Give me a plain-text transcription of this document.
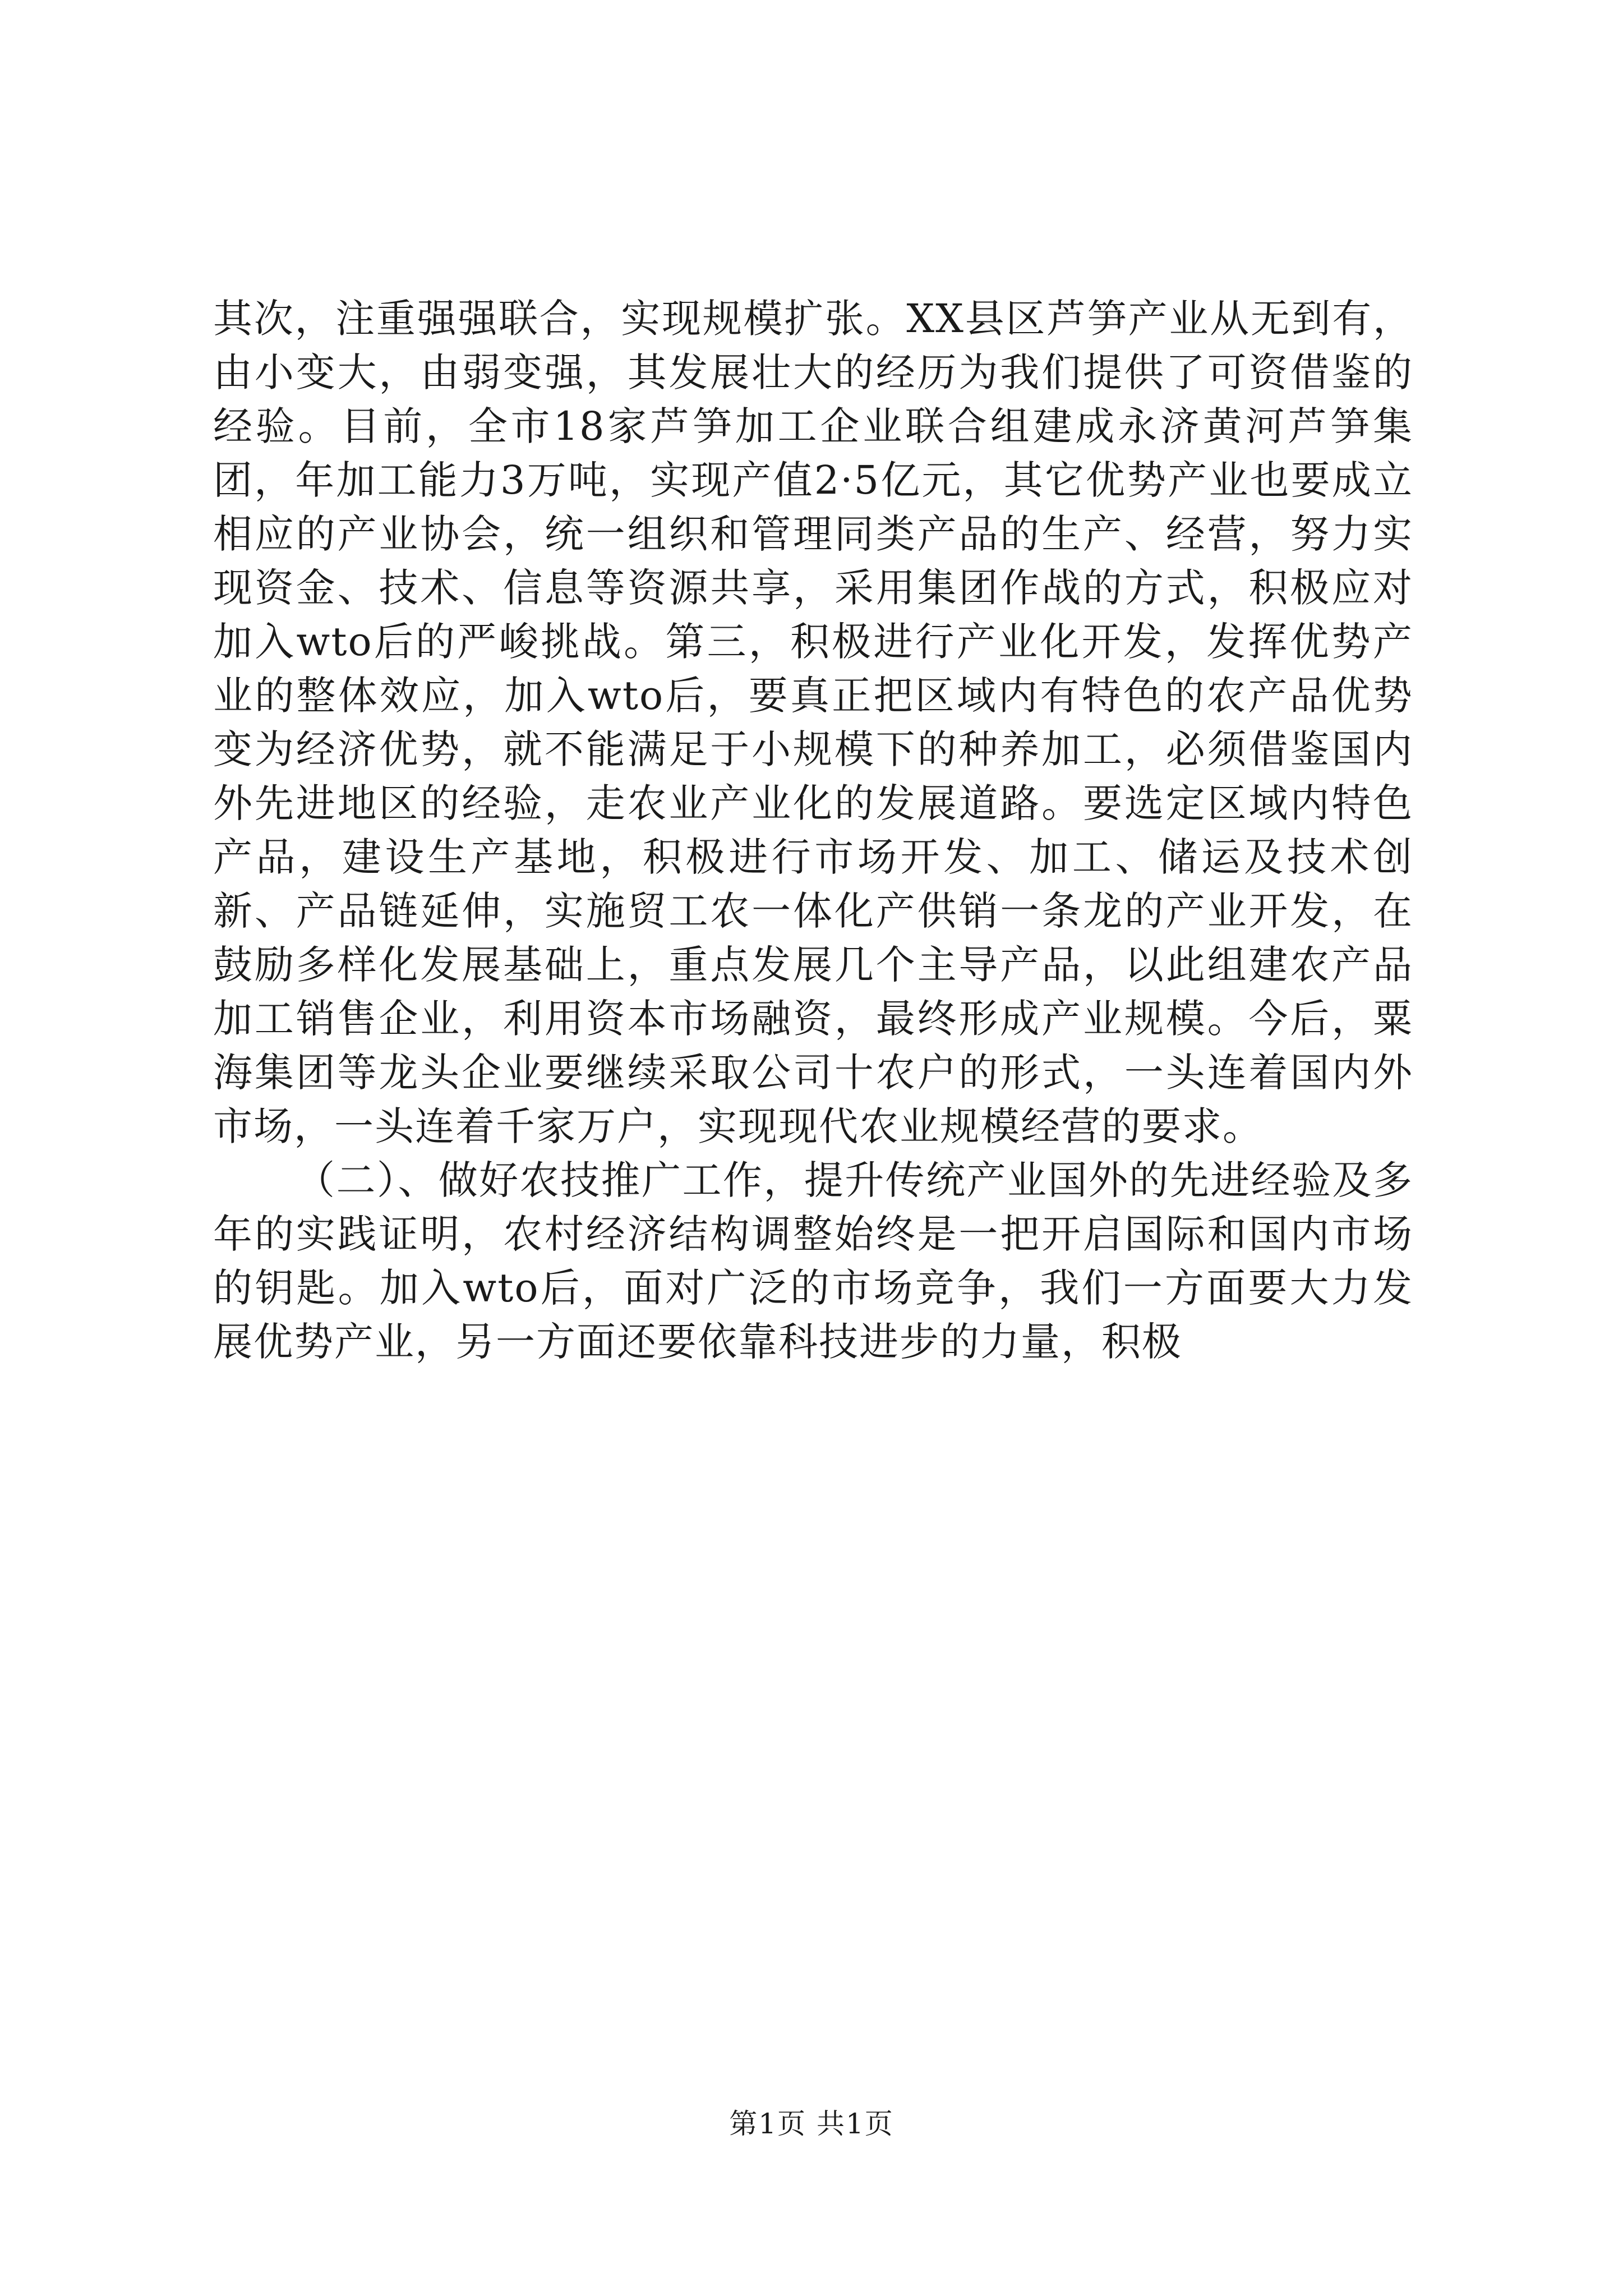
其次，注重强强联合，实现规模扩张。XX县区芦笋产业从无到有，由小变大，由弱变强，其发展壮大的经历为我们提供了可资借鉴的经验。目前，全市18家芦笋加工企业联合组建成永济黄河芦笋集团，年加工能力3万吨，实现产值2·5亿元，其它优势产业也要成立相应的产业协会，统一组织和管理同类产品的生产、经营，努力实现资金、技术、信息等资源共享，采用集团作战的方式，积极应对加入wto后的严峻挑战。第三，积极进行产业化开发，发挥优势产业的整体效应，加入wto后，要真正把区域内有特色的农产品优势变为经济优势，就不能满足于小规模下的种养加工，必须借鉴国内外先进地区的经验，走农业产业化的发展道路。要选定区域内特色产品，建设生产基地，积极进行市场开发、加工、储运及技术创新、产品链延伸，实施贸工农一体化产供销一条龙的产业开发，在鼓励多样化发展基础上，重点发展几个主导产品，以此组建农产品加工销售企业，利用资本市场融资，最终形成产业规模。今后，粟海集团等龙头企业要继续采取公司十农户的形式，一头连着国内外市场，一头连着千家万户，实现现代农业规模经营的要求。

（二）、做好农技推广工作，提升传统产业国外的先进经验及多年的实践证明，农村经济结构调整始终是一把开启国际和国内市场的钥匙。加入wto后，面对广泛的市场竞争，我们一方面要大力发展优势产业，另一方面还要依靠科技进步的力量，积极

第1页 共1页
